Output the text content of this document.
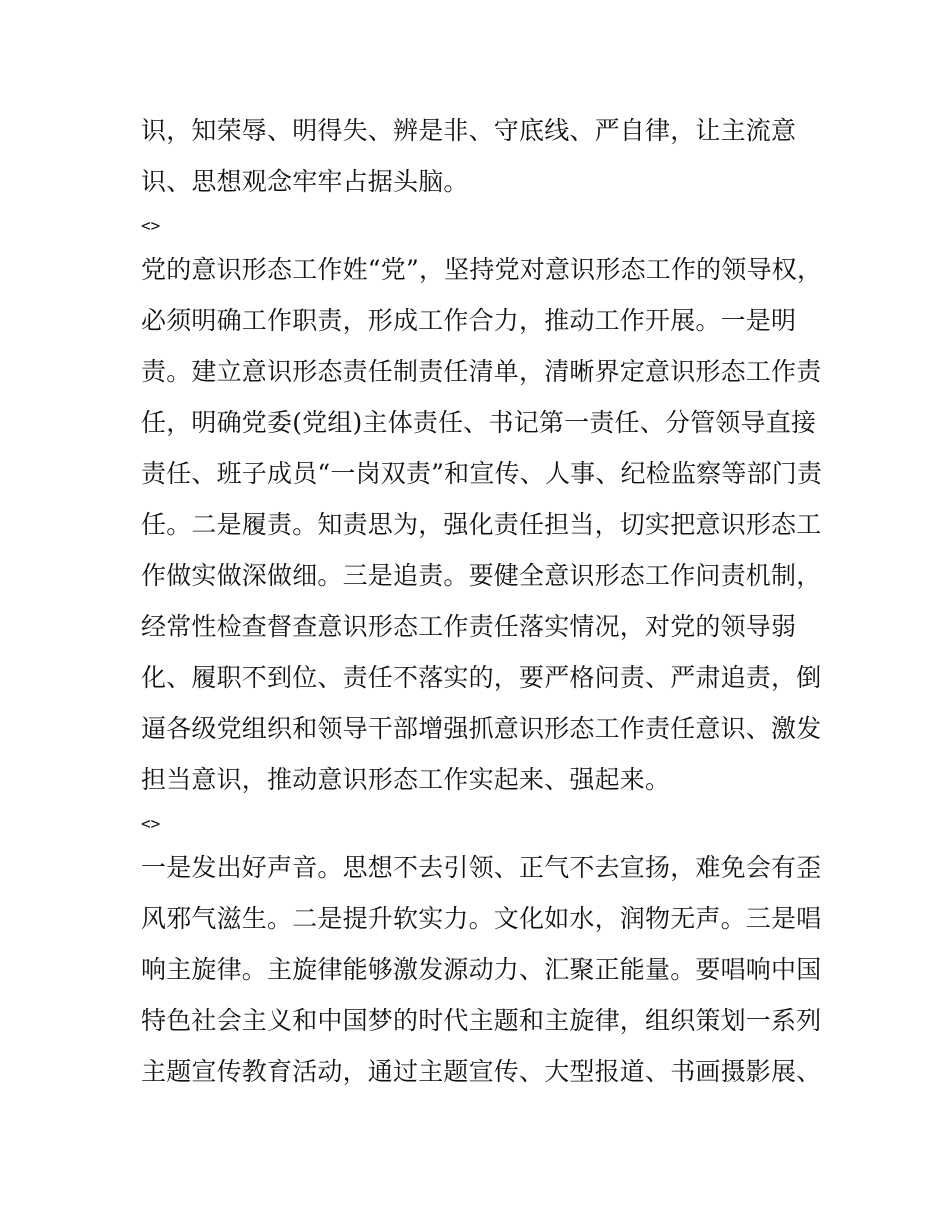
识，知荣辱、明得失、辨是非、守底线、严自律，让主流意
识、思想观念牢牢占据头脑。
<>
党的意识形态工作姓“党”，坚持党对意识形态工作的领导权，
必须明确工作职责，形成工作合力，推动工作开展。一是明
责。建立意识形态责任制责任清单，清晰界定意识形态工作责
任，明确党委(党组)主体责任、书记第一责任、分管领导直接
责任、班子成员“一岗双责”和宣传、人事、纪检监察等部门责
任。二是履责。知责思为，强化责任担当，切实把意识形态工
作做实做深做细。三是追责。要健全意识形态工作问责机制，
经常性检查督查意识形态工作责任落实情况，对党的领导弱
化、履职不到位、责任不落实的，要严格问责、严肃追责，倒
逼各级党组织和领导干部增强抓意识形态工作责任意识、激发
担当意识，推动意识形态工作实起来、强起来。
<>
一是发出好声音。思想不去引领、正气不去宣扬，难免会有歪
风邪气滋生。二是提升软实力。文化如水，润物无声。三是唱
响主旋律。主旋律能够激发源动力、汇聚正能量。要唱响中国
特色社会主义和中国梦的时代主题和主旋律，组织策划一系列
主题宣传教育活动，通过主题宣传、大型报道、书画摄影展、
